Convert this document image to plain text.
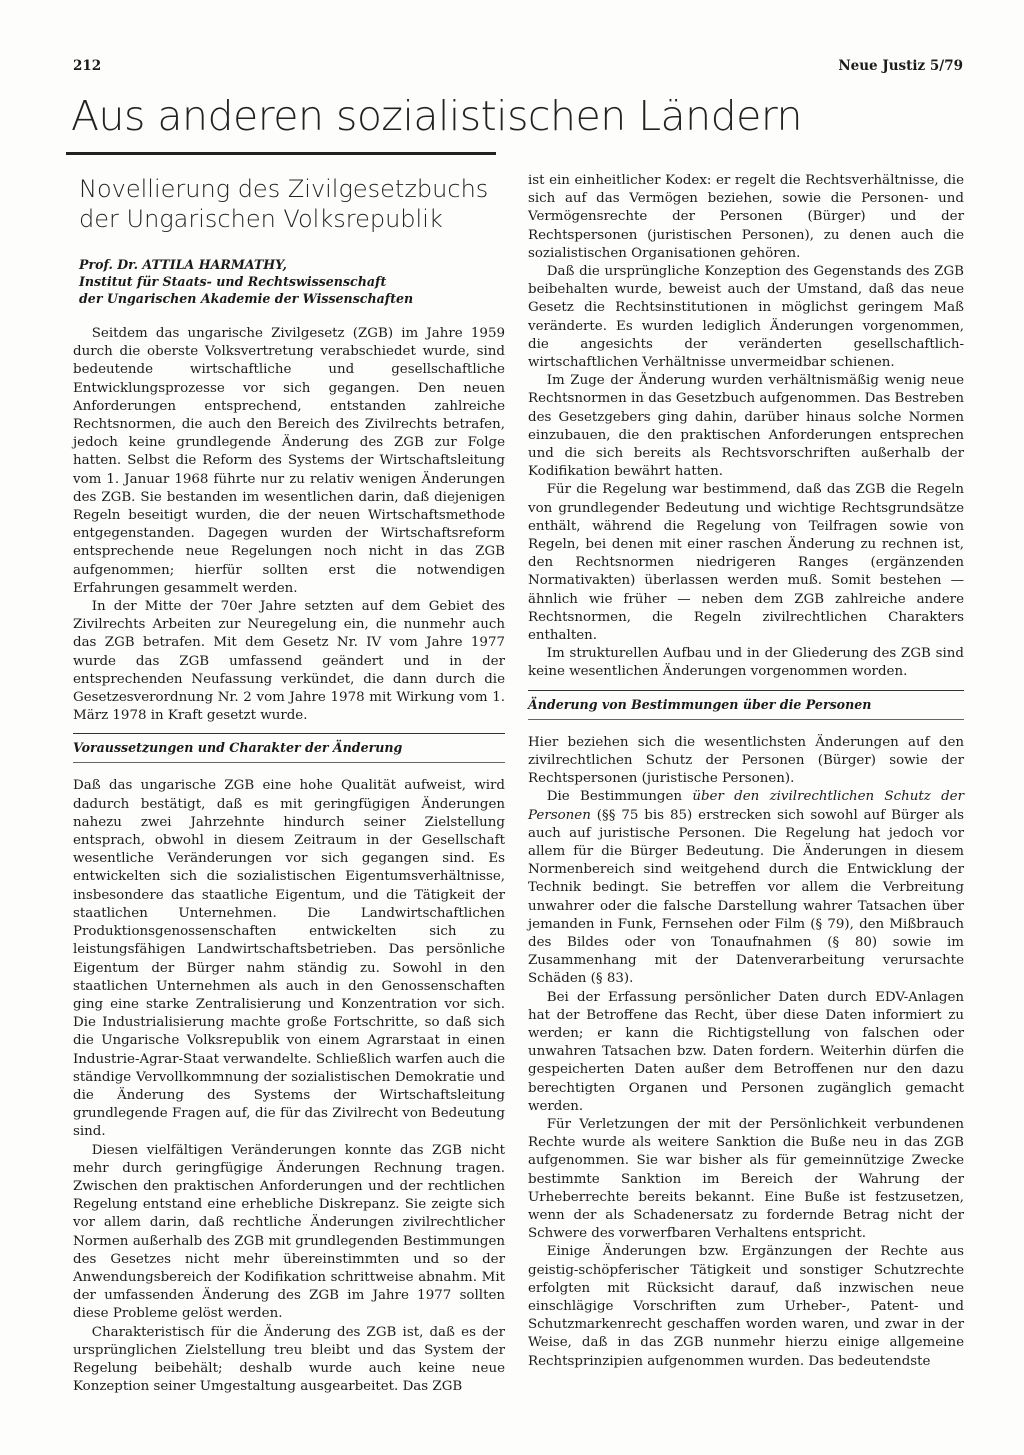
212	Neue Justiz 5/79
Aus anderen sozialistischen Ländern
Novellierung des Zivilgesetzbuchs
der Ungarischen Volksrepublik
Prof. Dr. ATTILA HARMATHY,
Institut für Staats- und Rechtswissenschaft
der Ungarischen Akademie der Wissenschaften

Seitdem das ungarische Zivilgesetz (ZGB) im Jahre 1959 durch die oberste Volksvertretung verabschiedet wurde, sind bedeutende wirtschaftliche und gesellschaftliche Entwicklungsprozesse vor sich gegangen. Den neuen Anforderungen entsprechend, entstanden zahlreiche Rechtsnormen, die auch den Bereich des Zivilrechts betrafen, jedoch keine grundlegende Änderung des ZGB zur Folge hatten. Selbst die Reform des Systems der Wirtschaftsleitung vom 1. Januar 1968 führte nur zu relativ wenigen Änderungen des ZGB. Sie bestanden im wesentlichen darin, daß diejenigen Regeln beseitigt wurden, die der neuen Wirtschaftsmethode entgegenstanden. Dagegen wurden der Wirtschaftsreform entsprechende neue Regelungen noch nicht in das ZGB aufgenommen; hierfür sollten erst die notwendigen Erfahrungen gesammelt werden.

In der Mitte der 70er Jahre setzten auf dem Gebiet des Zivilrechts Arbeiten zur Neuregelung ein, die nunmehr auch das ZGB betrafen. Mit dem Gesetz Nr. IV vom Jahre 1977 wurde das ZGB umfassend geändert und in der entsprechenden Neufassung verkündet, die dann durch die Gesetzesverordnung Nr. 2 vom Jahre 1978 mit Wirkung vom 1. März 1978 in Kraft gesetzt wurde.

Voraussetzungen und Charakter der Änderung

Daß das ungarische ZGB eine hohe Qualität aufweist, wird dadurch bestätigt, daß es mit geringfügigen Änderungen nahezu zwei Jahrzehnte hindurch seiner Zielstellung entsprach, obwohl in diesem Zeitraum in der Gesellschaft wesentliche Veränderungen vor sich gegangen sind. Es entwickelten sich die sozialistischen Eigentumsverhältnisse, insbesondere das staatliche Eigentum, und die Tätigkeit der staatlichen Unternehmen. Die Landwirtschaftlichen Produktionsgenossenschaften entwickelten sich zu leistungsfähigen Landwirtschaftsbetrieben. Das persönliche Eigentum der Bürger nahm ständig zu. Sowohl in den staatlichen Unternehmen als auch in den Genossenschaften ging eine starke Zentralisierung und Konzentration vor sich. Die Industrialisierung machte große Fortschritte, so daß sich die Ungarische Volksrepublik von einem Agrarstaat in einen Industrie-Agrar-Staat verwandelte. Schließlich warfen auch die ständige Vervollkommnung der sozialistischen Demokratie und die Änderung des Systems der Wirtschaftsleitung grundlegende Fragen auf, die für das Zivilrecht von Bedeutung sind.

Diesen vielfältigen Veränderungen konnte das ZGB nicht mehr durch geringfügige Änderungen Rechnung tragen. Zwischen den praktischen Anforderungen und der rechtlichen Regelung entstand eine erhebliche Diskrepanz. Sie zeigte sich vor allem darin, daß rechtliche Änderungen zivilrechtlicher Normen außerhalb des ZGB mit grundlegenden Bestimmungen des Gesetzes nicht mehr übereinstimmten und so der Anwendungsbereich der Kodifikation schrittweise abnahm. Mit der umfassenden Änderung des ZGB im Jahre 1977 sollten diese Probleme gelöst werden.

Charakteristisch für die Änderung des ZGB ist, daß es der ursprünglichen Zielstellung treu bleibt und das System der Regelung beibehält; deshalb wurde auch keine neue Konzeption seiner Umgestaltung ausgearbeitet. Das ZGB

ist ein einheitlicher Kodex: er regelt die Rechtsverhältnisse, die sich auf das Vermögen beziehen, sowie die Personen- und Vermögensrechte der Personen (Bürger) und der Rechtspersonen (juristischen Personen), zu denen auch die sozialistischen Organisationen gehören.

Daß die ursprüngliche Konzeption des Gegenstands des ZGB beibehalten wurde, beweist auch der Umstand, daß das neue Gesetz die Rechtsinstitutionen in möglichst geringem Maß veränderte. Es wurden lediglich Änderungen vorgenommen, die angesichts der veränderten gesellschaftlich-wirtschaftlichen Verhältnisse unvermeidbar schienen.

Im Zuge der Änderung wurden verhältnismäßig wenig neue Rechtsnormen in das Gesetzbuch aufgenommen. Das Bestreben des Gesetzgebers ging dahin, darüber hinaus solche Normen einzubauen, die den praktischen Anforderungen entsprechen und die sich bereits als Rechtsvorschriften außerhalb der Kodifikation bewährt hatten.

Für die Regelung war bestimmend, daß das ZGB die Regeln von grundlegender Bedeutung und wichtige Rechtsgrundsätze enthält, während die Regelung von Teilfragen sowie von Regeln, bei denen mit einer raschen Änderung zu rechnen ist, den Rechtsnormen niedrigeren Ranges (ergänzenden Normativakten) überlassen werden muß. Somit bestehen — ähnlich wie früher — neben dem ZGB zahlreiche andere Rechtsnormen, die Regeln zivilrechtlichen Charakters enthalten.

Im strukturellen Aufbau und in der Gliederung des ZGB sind keine wesentlichen Änderungen vorgenommen worden.

Änderung von Bestimmungen über die Personen

Hier beziehen sich die wesentlichsten Änderungen auf den zivilrechtlichen Schutz der Personen (Bürger) sowie der Rechtspersonen (juristische Personen).

Die Bestimmungen über den zivilrechtlichen Schutz der Personen (§§ 75 bis 85) erstrecken sich sowohl auf Bürger als auch auf juristische Personen. Die Regelung hat jedoch vor allem für die Bürger Bedeutung. Die Änderungen in diesem Normenbereich sind weitgehend durch die Entwicklung der Technik bedingt. Sie betreffen vor allem die Verbreitung unwahrer oder die falsche Darstellung wahrer Tatsachen über jemanden in Funk, Fernsehen oder Film (§ 79), den Mißbrauch des Bildes oder von Tonaufnahmen (§ 80) sowie im Zusammenhang mit der Datenverarbeitung verursachte Schäden (§ 83).

Bei der Erfassung persönlicher Daten durch EDV-Anlagen hat der Betroffene das Recht, über diese Daten informiert zu werden; er kann die Richtigstellung von falschen oder unwahren Tatsachen bzw. Daten fordern. Weiterhin dürfen die gespeicherten Daten außer dem Betroffenen nur den dazu berechtigten Organen und Personen zugänglich gemacht werden.

Für Verletzungen der mit der Persönlichkeit verbundenen Rechte wurde als weitere Sanktion die Buße neu in das ZGB aufgenommen. Sie war bisher als für gemeinnützige Zwecke bestimmte Sanktion im Bereich der Wahrung der Urheberrechte bereits bekannt. Eine Buße ist festzusetzen, wenn der als Schadenersatz zu fordernde Betrag nicht der Schwere des vorwerfbaren Verhaltens entspricht.

Einige Änderungen bzw. Ergänzungen der Rechte aus geistig-schöpferischer Tätigkeit und sonstiger Schutzrechte erfolgten mit Rücksicht darauf, daß inzwischen neue einschlägige Vorschriften zum Urheber-, Patent- und Schutzmarkenrecht geschaffen worden waren, und zwar in der Weise, daß in das ZGB nunmehr hierzu einige allgemeine Rechtsprinzipien aufgenommen wurden. Das bedeutendste
